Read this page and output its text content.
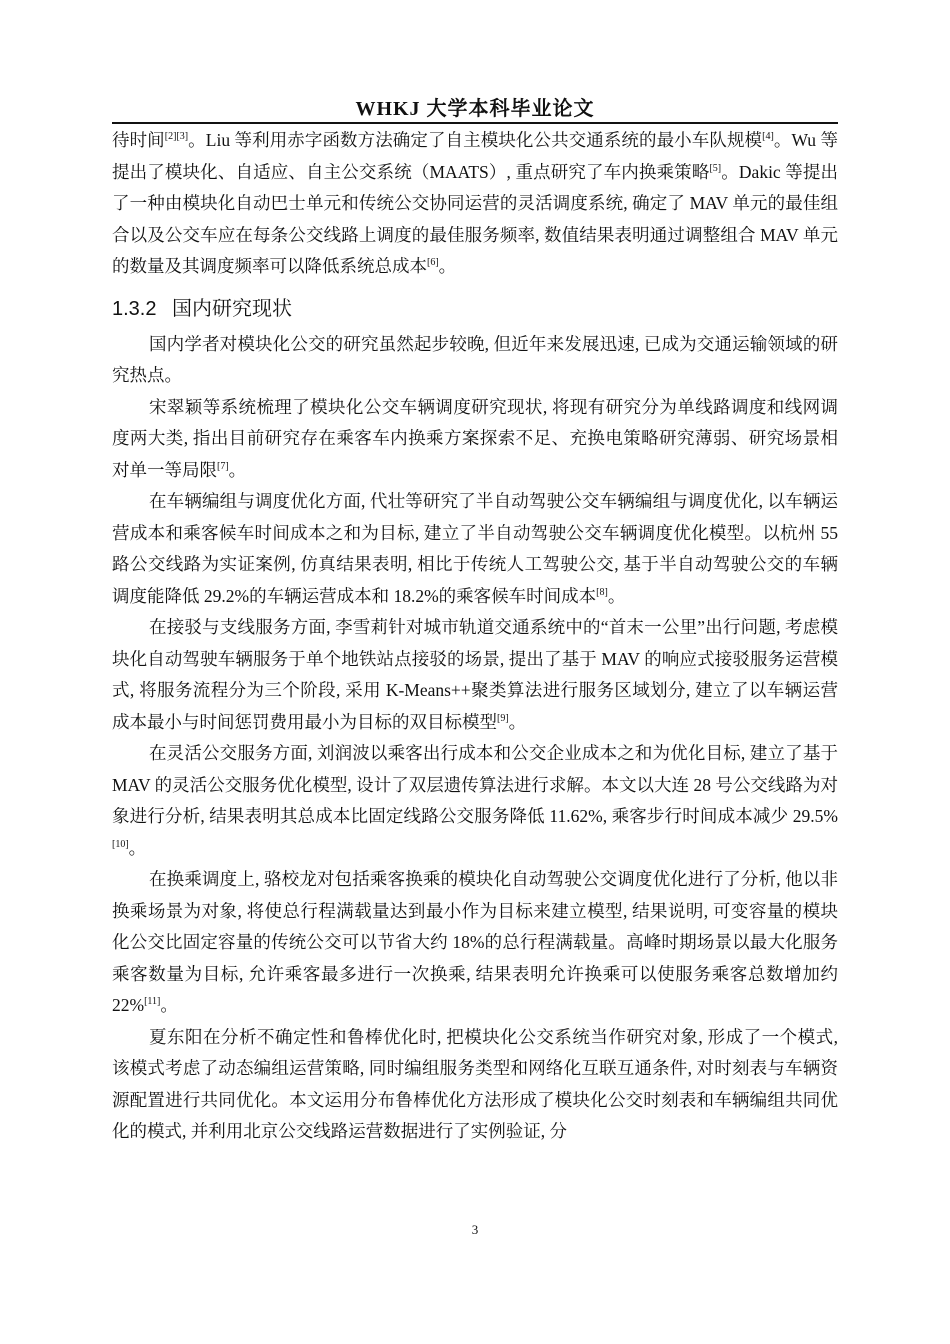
WHKJ 大学本科毕业论文

待时间[2][3]。Liu 等利用赤字函数方法确定了自主模块化公共交通系统的最小车队规模[4]。Wu 等提出了模块化、自适应、自主公交系统（MAATS）, 重点研究了车内换乘策略[5]。Dakic 等提出了一种由模块化自动巴士单元和传统公交协同运营的灵活调度系统, 确定了 MAV 单元的最佳组合以及公交车应在每条公交线路上调度的最佳服务频率, 数值结果表明通过调整组合 MAV 单元的数量及其调度频率可以降低系统总成本[6]。

1.3.2 国内研究现状

国内学者对模块化公交的研究虽然起步较晚, 但近年来发展迅速, 已成为交通运输领域的研究热点。

宋翠颖等系统梳理了模块化公交车辆调度研究现状, 将现有研究分为单线路调度和线网调度两大类, 指出目前研究存在乘客车内换乘方案探索不足、充换电策略研究薄弱、研究场景相对单一等局限[7]。

在车辆编组与调度优化方面, 代壮等研究了半自动驾驶公交车辆编组与调度优化, 以车辆运营成本和乘客候车时间成本之和为目标, 建立了半自动驾驶公交车辆调度优化模型。以杭州 55 路公交线路为实证案例, 仿真结果表明, 相比于传统人工驾驶公交, 基于半自动驾驶公交的车辆调度能降低 29.2%的车辆运营成本和 18.2%的乘客候车时间成本[8]。

在接驳与支线服务方面, 李雪莉针对城市轨道交通系统中的“首末一公里”出行问题, 考虑模块化自动驾驶车辆服务于单个地铁站点接驳的场景, 提出了基于 MAV 的响应式接驳服务运营模式, 将服务流程分为三个阶段, 采用 K-Means++聚类算法进行服务区域划分, 建立了以车辆运营成本最小与时间惩罚费用最小为目标的双目标模型[9]。

在灵活公交服务方面, 刘润波以乘客出行成本和公交企业成本之和为优化目标, 建立了基于 MAV 的灵活公交服务优化模型, 设计了双层遗传算法进行求解。本文以大连 28 号公交线路为对象进行分析, 结果表明其总成本比固定线路公交服务降低 11.62%, 乘客步行时间成本减少 29.5%[10]。

在换乘调度上, 骆校龙对包括乘客换乘的模块化自动驾驶公交调度优化进行了分析, 他以非换乘场景为对象, 将使总行程满载量达到最小作为目标来建立模型, 结果说明, 可变容量的模块化公交比固定容量的传统公交可以节省大约 18%的总行程满载量。高峰时期场景以最大化服务乘客数量为目标, 允许乘客最多进行一次换乘, 结果表明允许换乘可以使服务乘客总数增加约 22%[11]。

夏东阳在分析不确定性和鲁棒优化时, 把模块化公交系统当作研究对象, 形成了一个模式, 该模式考虑了动态编组运营策略, 同时编组服务类型和网络化互联互通条件, 对时刻表与车辆资源配置进行共同优化。本文运用分布鲁棒优化方法形成了模块化公交时刻表和车辆编组共同优化的模式, 并利用北京公交线路运营数据进行了实例验证, 分

3
